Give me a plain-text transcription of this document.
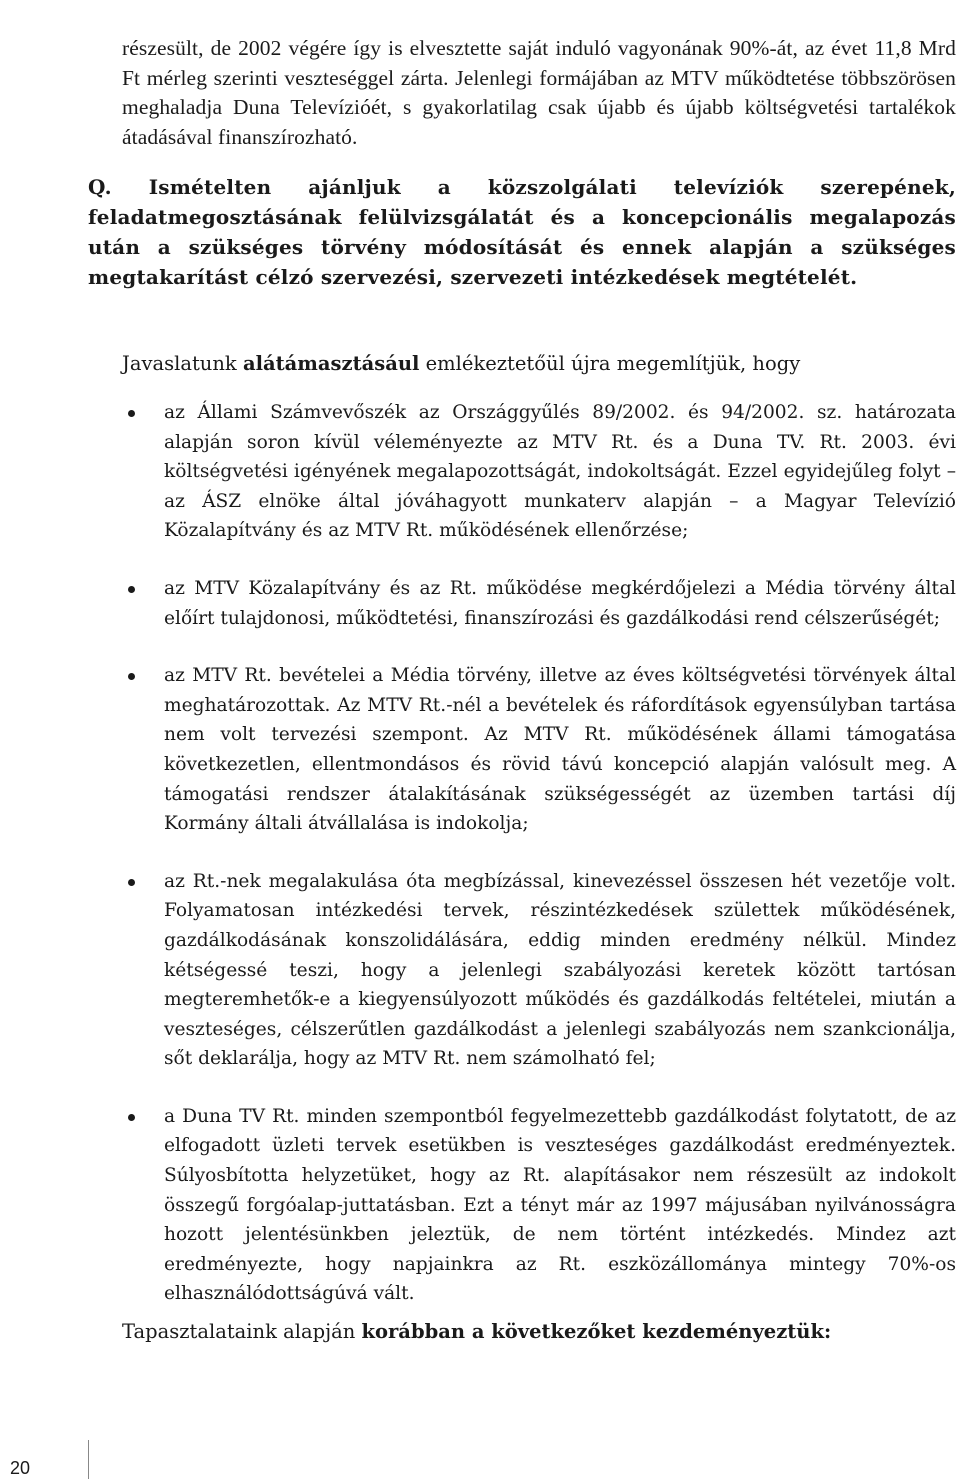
részesült, de 2002 végére így is elvesztette saját induló vagyonának 90%-át, az évet 11,8 Mrd Ft mérleg szerinti veszteséggel zárta. Jelenlegi formájában az MTV működtetése többszörösen meghaladja Duna Televízióét, s gyakorlatilag csak újabb és újabb költségvetési tartalékok átadásával finanszírozható.

Q. Ismételten ajánljuk a közszolgálati televíziók szerepének, feladatmegosztásának felülvizsgálatát és a koncepcionális megalapozás után a szükséges törvény módosítását és ennek alapján a szükséges megtakarítást célzó szervezési, szervezeti intézkedések megtételét.

Javaslatunk alátámasztásául emlékeztetőül újra megemlítjük, hogy

az Állami Számvevőszék az Országgyűlés 89/2002. és 94/2002. sz. határozata alapján soron kívül véleményezte az MTV Rt. és a Duna TV. Rt. 2003. évi költségvetési igényének megalapozottságát, indokoltságát. Ezzel egyidejűleg folyt – az ÁSZ elnöke által jóváhagyott munkaterv alapján – a Magyar Televízió Közalapítvány és az MTV Rt. működésének ellenőrzése;
az MTV Közalapítvány és az Rt. működése megkérdőjelezi a Média törvény által előírt tulajdonosi, működtetési, finanszírozási és gazdálkodási rend célszerűségét;
az MTV Rt. bevételei a Média törvény, illetve az éves költségvetési törvények által meghatározottak. Az MTV Rt.-nél a bevételek és ráfordítások egyensúlyban tartása nem volt tervezési szempont. Az MTV Rt. működésének állami támogatása következetlen, ellentmondásos és rövid távú koncepció alapján valósult meg. A támogatási rendszer átalakításának szükségességét az üzemben tartási díj Kormány általi átvállalása is indokolja;
az Rt.-nek megalakulása óta megbízással, kinevezéssel összesen hét vezetője volt. Folyamatosan intézkedési tervek, részintézkedések születtek működésének, gazdálkodásának konszolidálására, eddig minden eredmény nélkül. Mindez kétségessé teszi, hogy a jelenlegi szabályozási keretek között tartósan megteremhetők-e a kiegyensúlyozott működés és gazdálkodás feltételei, miután a veszteséges, célszerűtlen gazdálkodást a jelenlegi szabályozás nem szankcionálja, sőt deklarálja, hogy az MTV Rt. nem számolható fel;
a Duna TV Rt. minden szempontból fegyelmezettebb gazdálkodást folytatott, de az elfogadott üzleti tervek esetükben is veszteséges gazdálkodást eredményeztek. Súlyosbította helyzetüket, hogy az Rt. alapításakor nem részesült az indokolt összegű forgóalap-juttatásban. Ezt a tényt már az 1997 májusában nyilvánosságra hozott jelentésünkben jeleztük, de nem történt intézkedés. Mindez azt eredményezte, hogy napjainkra az Rt. eszközállománya mintegy 70%-os elhasználódottságúvá vált.

Tapasztalataink alapján korábban a következőket kezdeményeztük:

20
